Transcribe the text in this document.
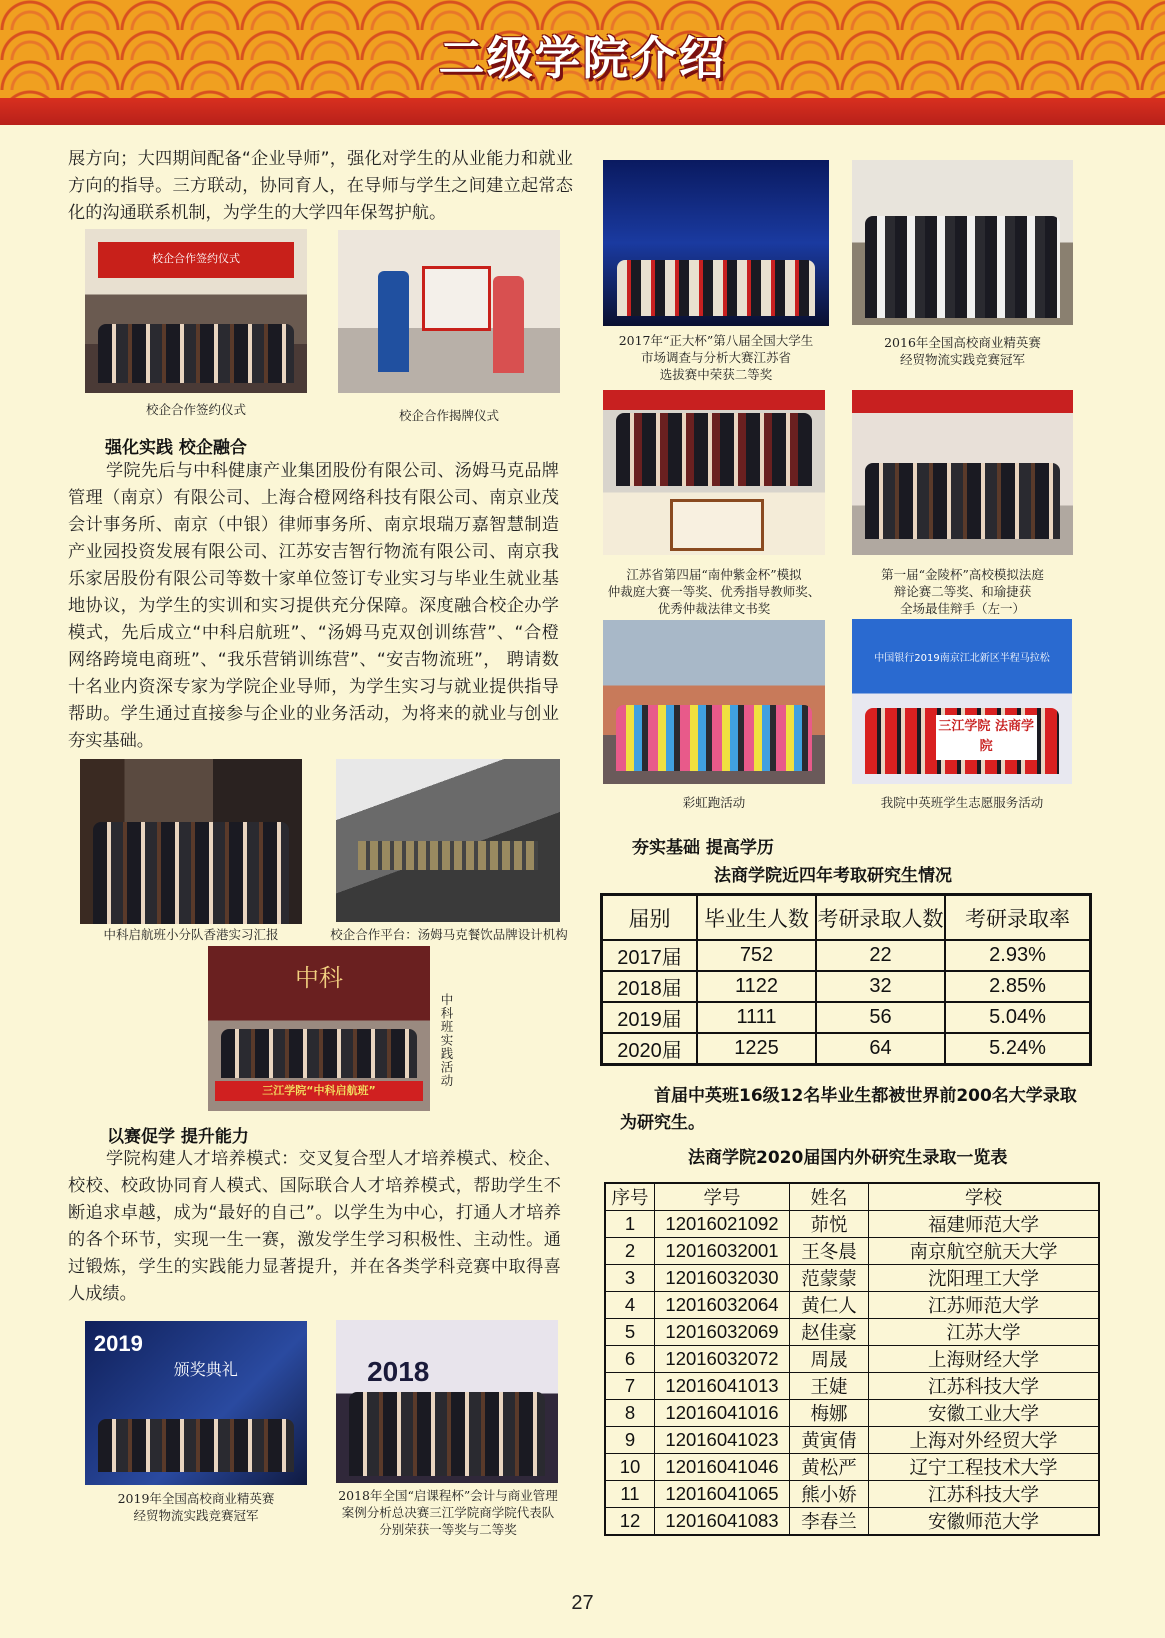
二级学院介绍
展方向；大四期间配备“企业导师”，强化对学生的从业能力和就业方向的指导。三方联动，协同育人，在导师与学生之间建立起常态化的沟通联系机制，为学生的大学四年保驾护航。
校企合作签约仪式
校企合作签约仪式	校企合作揭牌仪式
强化实践 校企融合
学院先后与中科健康产业集团股份有限公司、汤姆马克品牌管理（南京）有限公司、上海合橙网络科技有限公司、南京业茂会计事务所、南京（中银）律师事务所、南京垠瑞万嘉智慧制造产业园投资发展有限公司、江苏安吉智行物流有限公司、南京我乐家居股份有限公司等数十家单位签订专业实习与毕业生就业基地协议，为学生的实训和实习提供充分保障。深度融合校企办学模式，先后成立“中科启航班”、“汤姆马克双创训练营”、“合橙网络跨境电商班”、“我乐营销训练营”、“安吉物流班”， 聘请数十名业内资深专家为学院企业导师，为学生实习与就业提供指导帮助。学生通过直接参与企业的业务活动，为将来的就业与创业夯实基础。
中科启航班小分队香港实习汇报	校企合作平台：汤姆马克餐饮品牌设计机构
中科
三江学院“中科启航班”
中科班实践活动
以赛促学 提升能力
学院构建人才培养模式：交叉复合型人才培养模式、校企、校校、校政协同育人模式、国际联合人才培养模式，帮助学生不断追求卓越，成为“最好的自己”。以学生为中心，打通人才培养的各个环节，实现一生一赛，激发学生学习积极性、主动性。通过锻炼，学生的实践能力显著提升，并在各类学科竞赛中取得喜人成绩。
2019
颁奖典礼
2019年全国高校商业精英赛
经贸物流实践竞赛冠军
2018
2018年全国“启课程杯”会计与商业管理
案例分析总决赛三江学院商学院代表队
分别荣获一等奖与二等奖
2017年“正大杯”第八届全国大学生
市场调查与分析大赛江苏省
选拔赛中荣获二等奖
2016年全国高校商业精英赛
经贸物流实践竞赛冠军
江苏省第四届“南仲紫金杯”模拟
仲裁庭大赛一等奖、优秀指导教师奖、
优秀仲裁法律文书奖
第一届“金陵杯”高校模拟法庭
辩论赛二等奖、和瑜捷获
全场最佳辩手（左一）
彩虹跑活动
中国银行2019南京江北新区半程马拉松
三江学院 法商学院
我院中英班学生志愿服务活动
夯实基础 提高学历
法商学院近四年考取研究生情况
届别	毕业生人数	考研录取人数	考研录取率
2017届	752	22	2.93%
2018届	1122	32	2.85%
2019届	1111	56	5.04%
2020届	1225	64	5.24%
首届中英班16级12名毕业生都被世界前200名大学录取为研究生。
法商学院2020届国内外研究生录取一览表
序号	学号	姓名	学校
1	12016021092	茆悦	福建师范大学
2	12016032001	王冬晨	南京航空航天大学
3	12016032030	范蒙蒙	沈阳理工大学
4	12016032064	黄仁人	江苏师范大学
5	12016032069	赵佳豪	江苏大学
6	12016032072	周晟	上海财经大学
7	12016041013	王婕	江苏科技大学
8	12016041016	梅娜	安徽工业大学
9	12016041023	黄寅倩	上海对外经贸大学
10	12016041046	黄松严	辽宁工程技术大学
11	12016041065	熊小娇	江苏科技大学
12	12016041083	李春兰	安徽师范大学
27
